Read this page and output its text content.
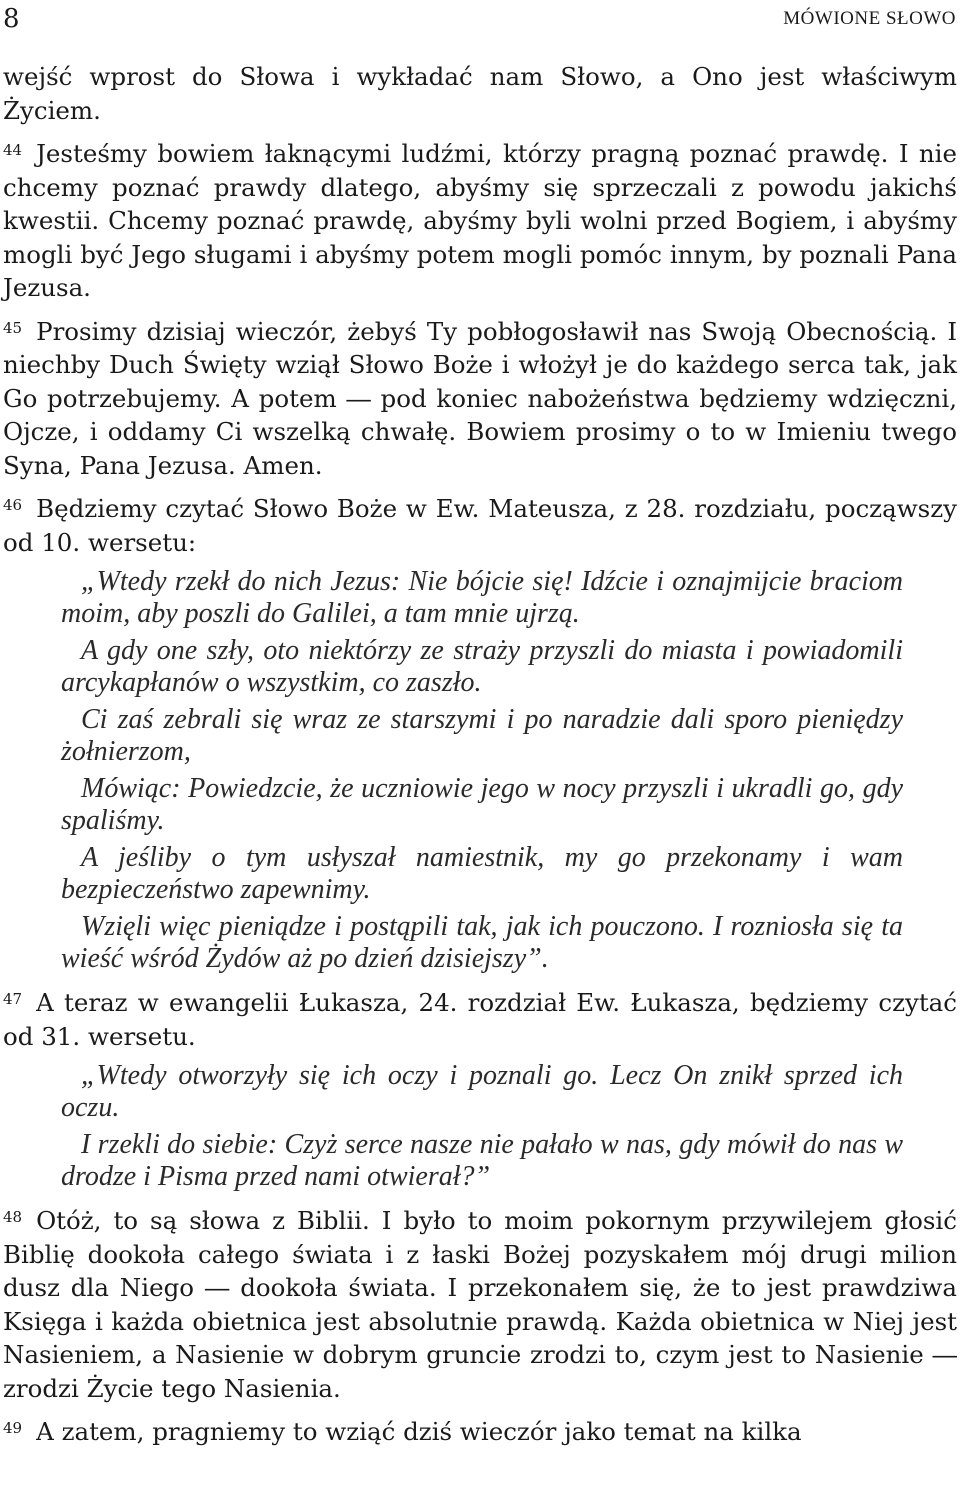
8	MÓWIONE SŁOWO

wejść wprost do Słowa i wykładać nam Słowo, a Ono jest właściwym Życiem.

$^{44}$ Jesteśmy bowiem łaknącymi ludźmi, którzy pragną poznać prawdę. I nie chcemy poznać prawdy dlatego, abyśmy się sprzeczali z powodu jakichś kwestii. Chcemy poznać prawdę, abyśmy byli wolni przed Bogiem, i abyśmy mogli być Jego sługami i abyśmy potem mogli pomóc innym, by poznali Pana Jezusa.

$^{45}$ Prosimy dzisiaj wieczór, żebyś Ty pobłogosławił nas Swoją Obecnością. I niechby Duch Święty wziął Słowo Boże i włożył je do każdego serca tak, jak Go potrzebujemy. A potem ― pod koniec nabożeństwa będziemy wdzięczni, Ojcze, i oddamy Ci wszelką chwałę. Bowiem prosimy o to w Imieniu twego Syna, Pana Jezusa. Amen.

$^{46}$ Będziemy czytać Słowo Boże w Ew. Mateusza, z 28. rozdziału, począwszy od 10. wersetu:

„Wtedy rzekł do nich Jezus: Nie bójcie się! Idźcie i oznajmijcie braciom moim, aby poszli do Galilei, a tam mnie ujrzą.

A gdy one szły, oto niektórzy ze straży przyszli do miasta i powiadomili arcykapłanów o wszystkim, co zaszło.

Ci zaś zebrali się wraz ze starszymi i po naradzie dali sporo pieniędzy żołnierzom,

Mówiąc: Powiedzcie, że uczniowie jego w nocy przyszli i ukradli go, gdy spaliśmy.

A jeśliby o tym usłyszał namiestnik, my go przekonamy i wam bezpieczeństwo zapewnimy.

Wzięli więc pieniądze i postąpili tak, jak ich pouczono. I rozniosła się ta wieść wśród Żydów aż po dzień dzisiejszy”.

$^{47}$ A teraz w ewangelii Łukasza, 24. rozdział Ew. Łukasza, będziemy czytać od 31. wersetu.

„Wtedy otworzyły się ich oczy i poznali go. Lecz On znikł sprzed ich oczu.

I rzekli do siebie: Czyż serce nasze nie pałało w nas, gdy mówił do nas w drodze i Pisma przed nami otwierał?”

$^{48}$ Otóż, to są słowa z Biblii. I było to moim pokornym przywilejem głosić Biblię dookoła całego świata i z łaski Bożej pozyskałem mój drugi milion dusz dla Niego ― dookoła świata. I przekonałem się, że to jest prawdziwa Księga i każda obietnica jest absolutnie prawdą. Każda obietnica w Niej jest Nasieniem, a Nasienie w dobrym gruncie zrodzi to, czym jest to Nasienie ― zrodzi Życie tego Nasienia.

$^{49}$ A zatem, pragniemy to wziąć dziś wieczór jako temat na kilka
